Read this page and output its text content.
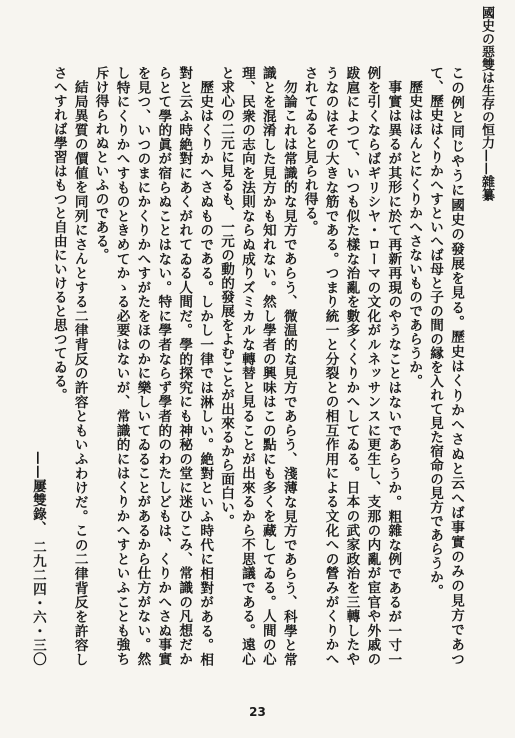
國史の惡雙は生存の恒力——雜纂

この例と同じやうに國史の發展を見る。歷史はくりかへさぬと云へば事實のみの見方であつて、歷史はくりかへすといへば母と子の間の縁を入れて見た宿命の見方であらうか。

歷史はほんとにくりかへさないものであらうか。

事實は異るが其形に於て再新再現のやうなことはないであらうか。粗雜な例であるが一寸一例を引くならばギリシヤ・ローマの文化がルネッサンスに更生し、支那の内亂が宦官や外戚の跋扈によつて、いつも似た樣な治亂を數多くくりかへしてゐる。日本の武家政治を三轉したやうなのはその大きな筋である。つまり統一と分裂との相互作用による文化への營みがくりかへされてゐると見られ得る。

勿論これは常識的な見方であらう、微温的な見方であらう、淺薄な見方であらう、科學と常識とを混淆した見方かも知れない。然し學者の興味はこの點にも多くを藏してゐる。人間の心理、民衆の志向を法則ならぬ成りズミカルな轉替と見ることが出來るから不思議である。遠心と求心の二元に見るも、一元の動的發展をよむことが出來るから面白い。

歷史はくりかへさぬものである。しかし一律では淋しい。絶對といふ時代に相對がある。相對と云ふ時絶對にあくがれてゐる人間だ。學的探究にも神秘の堂に迷ひこみ、常識の凡想だからとて學的眞が宿らぬことはない。特に學者ならず學者的のわたしどもは、くりかへさぬ事實を見つ、いつのまにかくりかへすがたをほのかに樂しいてゐることがあるから仕方がない。然し特にくりかへすものときめてかゝる必要はないが、常識的にはくりかへすといふことも強ち斥け得られぬといふのである。

結局異質の價値を同列にさんとする二律背反の許容ともいふわけだ。この二律背反を許容しさへすれば學習はもつと自由にいけると思つてゐる。

——屢雙錄、 二九二四・六・三〇

23
